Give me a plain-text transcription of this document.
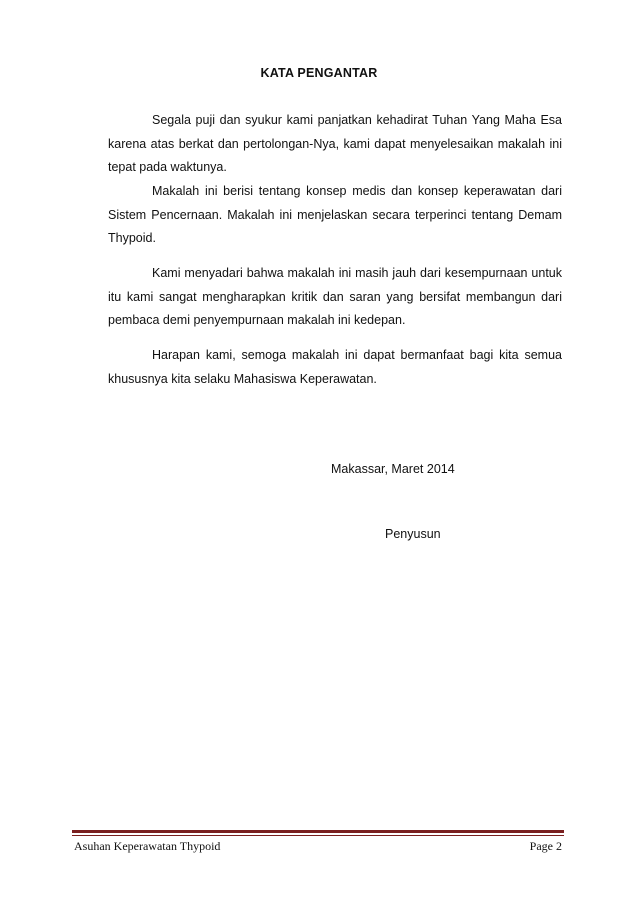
KATA PENGANTAR

Segala puji dan syukur kami panjatkan kehadirat Tuhan Yang Maha Esa karena atas berkat dan pertolongan-Nya, kami dapat menyelesaikan makalah ini tepat pada waktunya.

Makalah ini berisi tentang konsep medis dan konsep keperawatan dari Sistem Pencernaan. Makalah ini menjelaskan secara terperinci tentang Demam Thypoid.

Kami menyadari bahwa makalah ini masih jauh dari kesempurnaan untuk itu kami sangat mengharapkan kritik dan saran yang bersifat membangun dari pembaca demi penyempurnaan makalah ini kedepan.

Harapan kami, semoga makalah ini dapat bermanfaat bagi kita semua khususnya kita selaku Mahasiswa Keperawatan.

Makassar, Maret 2014
Penyusun
Asuhan Keperawatan Thypoid	Page 2
